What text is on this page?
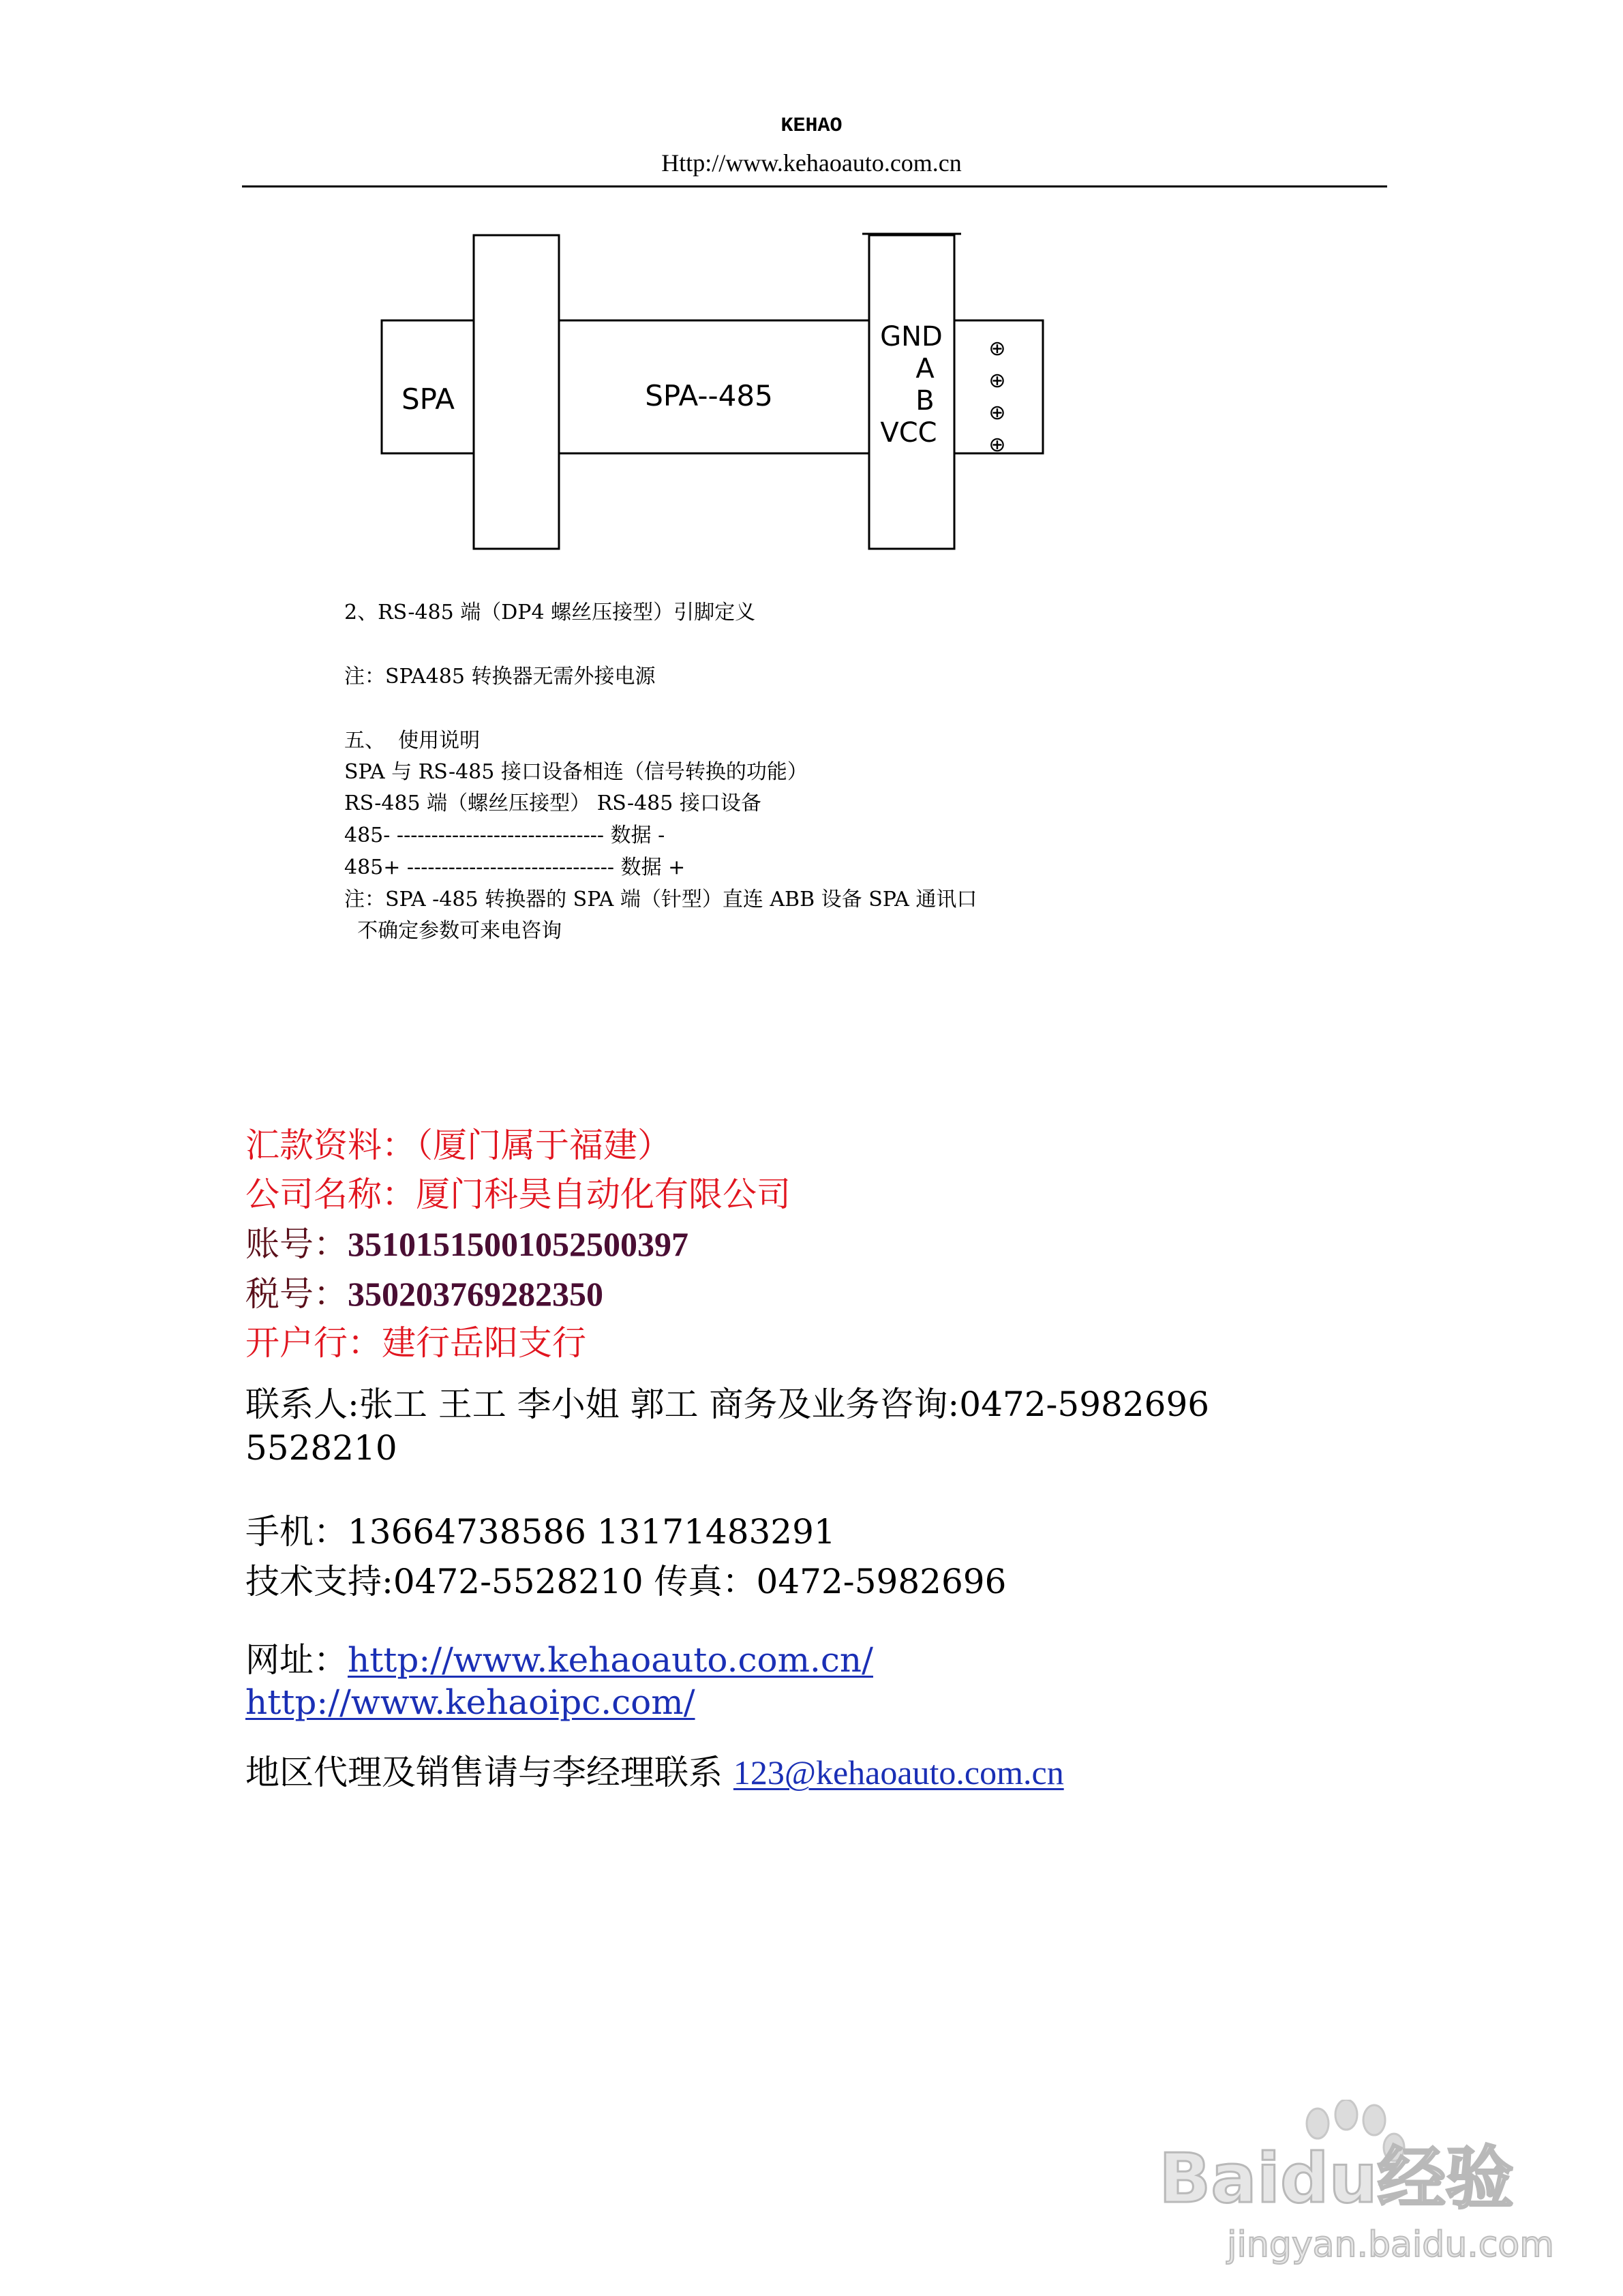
KEHAO
Http://www.kehaoauto.com.cn
SPA	SPA--485
GND
A
B
VCC
⊕
⊕
⊕
⊕
2、RS-485 端（DP4 螺丝压接型）引脚定义
注：SPA485 转换器无需外接电源
五、  使用说明
SPA 与 RS-485 接口设备相连（信号转换的功能）
RS-485 端（螺丝压接型） RS-485 接口设备
485- ------------------------------ 数据 -
485+ ------------------------------ 数据 +
注：SPA -485 转换器的 SPA 端（针型）直连 ABB 设备 SPA 通讯口
不确定参数可来电咨询
汇款资料：（厦门属于福建）
公司名称：厦门科昊自动化有限公司
账号：35101515001052500397
税号：350203769282350
开户行：建行岳阳支行
联系人:张工 王工 李小姐 郭工 商务及业务咨询:0472-5982696
5528210
手机：13664738586 13171483291
技术支持:0472-5528210 传真：0472-5982696
网址：http://www.kehaoauto.com.cn/
http://www.kehaoipc.com/
地区代理及销售请与李经理联系 123@kehaoauto.com.cn
Baidu经验
jingyan.baidu.com
